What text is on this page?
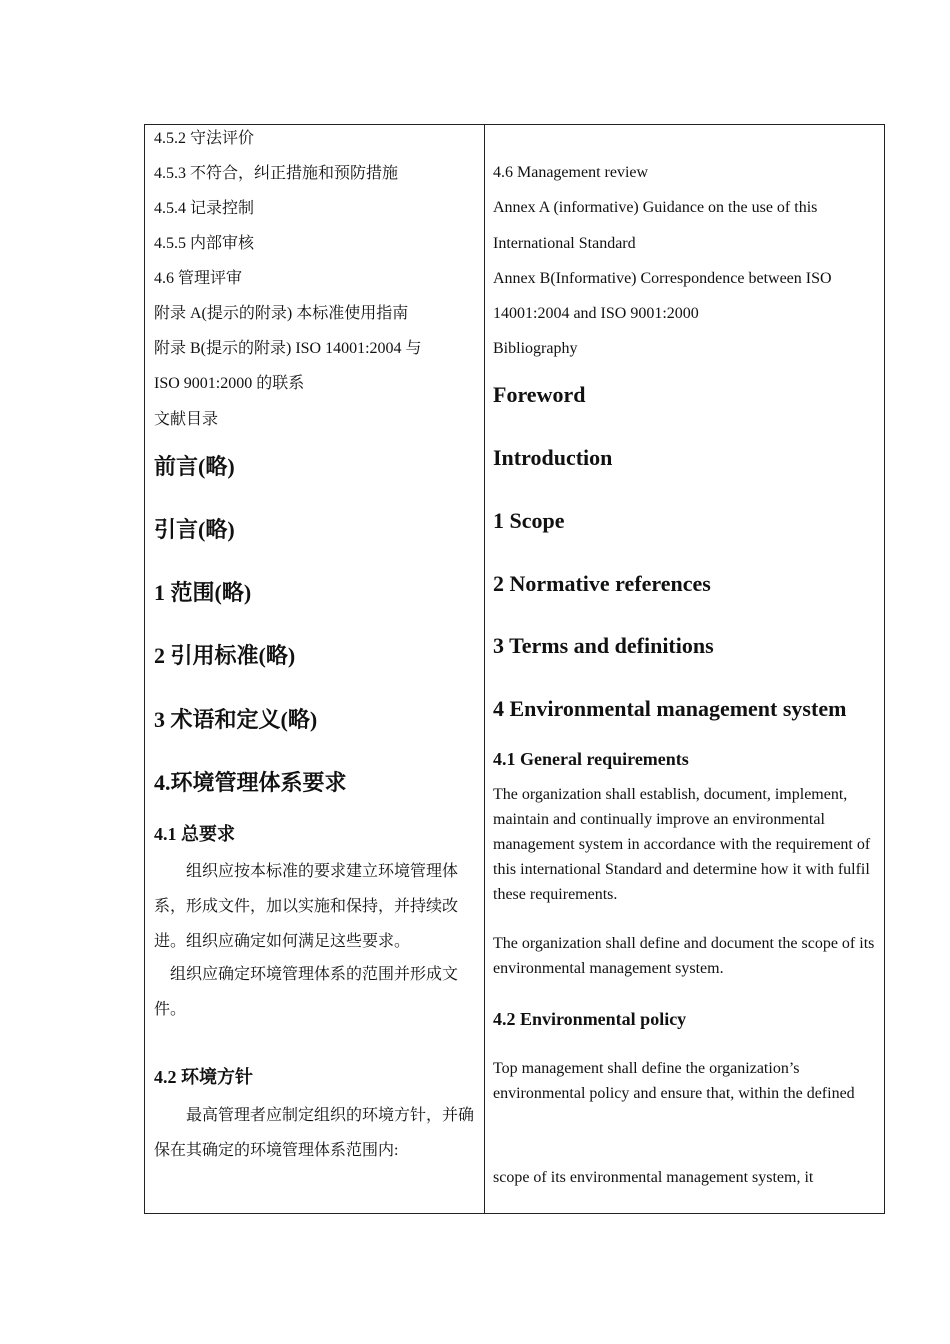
4.5.2 守法评价
4.5.3 不符合，纠正措施和预防措施
4.5.4 记录控制
4.5.5 内部审核
4.6 管理评审
附录 A(提示的附录) 本标准使用指南
附录 B(提示的附录) ISO 14001:2004 与
ISO 9001:2000 的联系
文献目录
前言(略)
引言(略)
1 范围(略)
2 引用标准(略)
3 术语和定义(略)
4.环境管理体系要求
4.1 总要求
组织应按本标准的要求建立环境管理体系，形成文件，加以实施和保持，并持续改进。组织应确定如何满足这些要求。
组织应确定环境管理体系的范围并形成文件。
4.2 环境方针
最高管理者应制定组织的环境方针，并确保在其确定的环境管理体系范围内:
4.6 Management review
Annex A (informative) Guidance on the use of this
International Standard
Annex B(Informative) Correspondence between ISO
14001:2004 and ISO 9001:2000
Bibliography
Foreword
Introduction
1 Scope
2 Normative references
3 Terms and definitions
4 Environmental management system
4.1 General requirements
The organization shall establish, document, implement, maintain and continually improve an environmental management system in accordance with the requirement of this international Standard and determine how it with fulfil these requirements.
The organization shall define and document the scope of its environmental management system.
4.2 Environmental policy
Top management shall define the organization’s environmental policy and ensure that, within the defined
scope of its environmental management system, it
